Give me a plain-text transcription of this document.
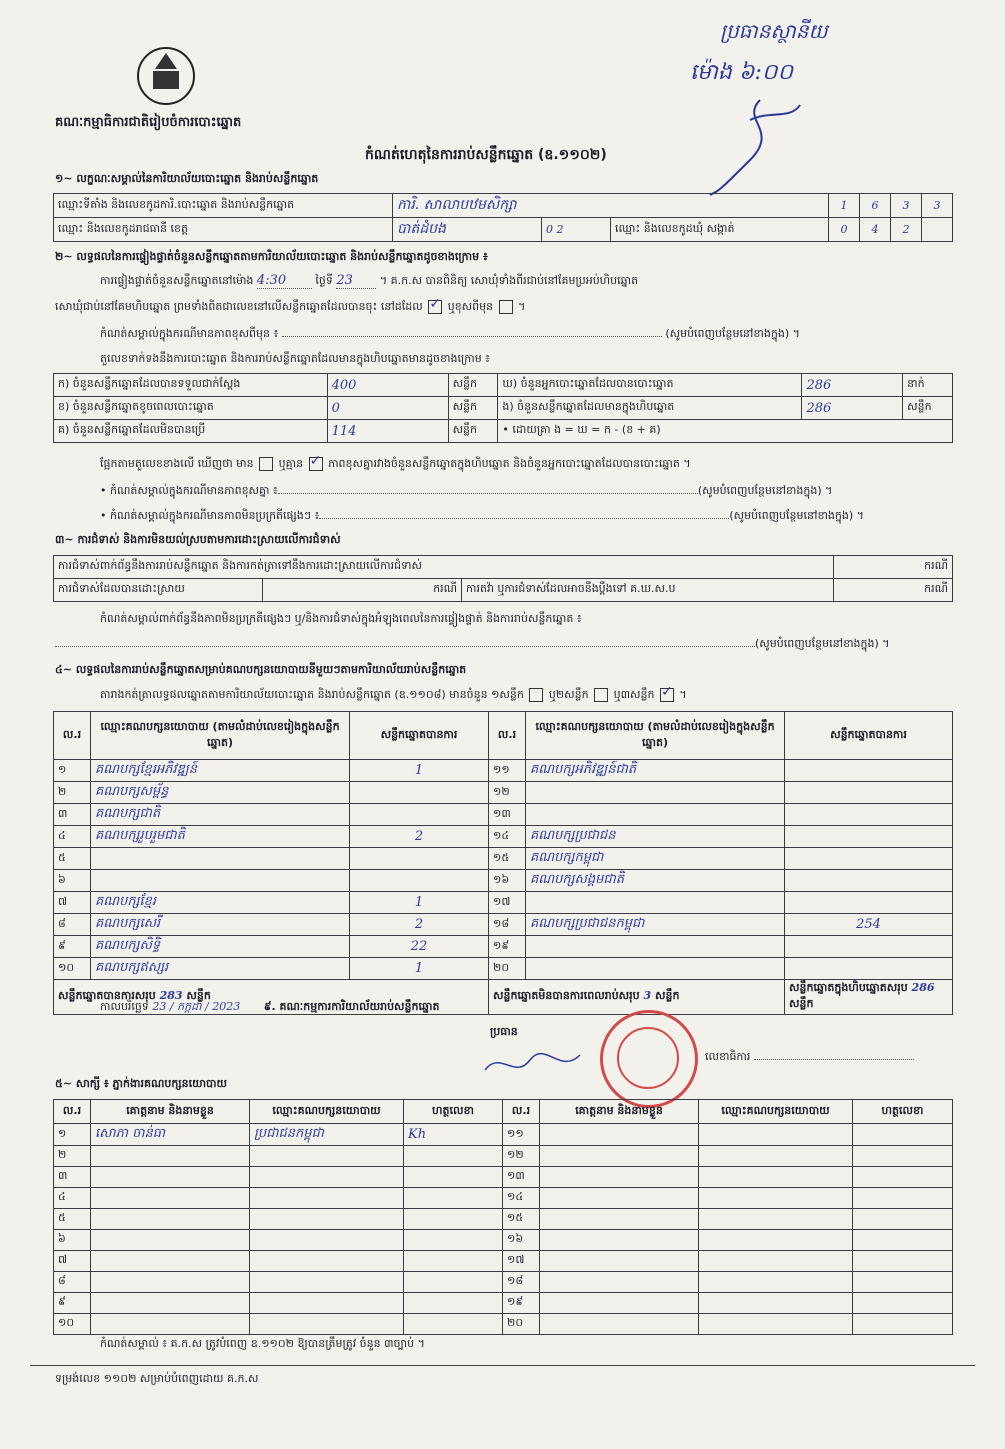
ប្រធានស្ថានីយ
ម៉ោង ៦:០០
គណៈកម្មាធិការជាតិរៀបចំការបោះឆ្នោត
កំណត់ហេតុនៃការរាប់សន្លឹកឆ្នោត (ឧ.១១០២)
១~ លក្ខណៈសម្គាល់នៃការិយាល័យបោះឆ្នោត និងរាប់សន្លឹកឆ្នោត
ឈ្មោះទីតាំង និងលេខកូដការិ.បោះឆ្នោត និងរាប់សន្លឹកឆ្នោត	ការិ. សាលាបឋមសិក្សា			1	6	3	3
ឈ្មោះ និងលេខកូដរាជធានី ខេត្ត	បាត់ដំបង	0 2	ឈ្មោះ និងលេខកូដឃុំ សង្កាត់	0	4	2	
២~ លទ្ធផលនៃការផ្ទៀងផ្ទាត់ចំនួនសន្លឹកឆ្នោតតាមការិយាល័យបោះឆ្នោត និងរាប់សន្លឹកឆ្នោតដូចខាងក្រោម ៖
ការផ្ទៀងផ្ទាត់ចំនួនសន្លឹកឆ្នោតនៅម៉ោង 4:30	ថ្ងៃទី 23 ។ គ.ក.ស បានពិនិត្យ សោឃុំទាំងពីរជាប់នៅគែមប្រអប់ហិបឆ្នោត
សោឃុំជាប់នៅគែមហិបឆ្នោត ព្រមទាំងពិតជាលេខនៅលើសន្លឹកឆ្នោតដែលបានចុះ នៅដដែល ✓ ឬខុសពីមុន  ។
កំណត់សម្គាល់ក្នុងករណីមានភាពខុសពីមុន ៖	(សូមបំពេញបន្ថែមនៅខាងក្នុង) ។
តួលេខទាក់ទងនឹងការបោះឆ្នោត និងការរាប់សន្លឹកឆ្នោតដែលមានក្នុងហិបឆ្នោតមានដូចខាងក្រោម ៖
ក) ចំនួនសន្លឹកឆ្នោតដែលបានទទួលជាក់ស្តែង	400	សន្លឹក	ឃ) ចំនួនអ្នកបោះឆ្នោតដែលបានបោះឆ្នោត	286	នាក់
ខ) ចំនួនសន្លឹកឆ្នោតខូចពេលបោះឆ្នោត	0	សន្លឹក	ង) ចំនួនសន្លឹកឆ្នោតដែលមានក្នុងហិបឆ្នោត	286	សន្លឹក
គ) ចំនួនសន្លឹកឆ្នោតដែលមិនបានប្រើ	114	សន្លឹក	• ដោយគ្រា ង = ឃ = ក - (ខ + គ)		
ផ្អែកតាមតួលេខខាងលើ ឃើញថា មាន  ឬគ្មាន ✓ ភាពខុសគ្នារវាងចំនួនសន្លឹកឆ្នោតក្នុងហិបឆ្នោត និងចំនួនអ្នកបោះឆ្នោតដែលបានបោះឆ្នោត ។
• កំណត់សម្គាល់ក្នុងករណីមានភាពខុសគ្នា ៖	(សូមបំពេញបន្ថែមនៅខាងក្នុង) ។
• កំណត់សម្គាល់ក្នុងករណីមានភាពមិនប្រក្រតីផ្សេងៗ ៖	(សូមបំពេញបន្ថែមនៅខាងក្នុង) ។
៣~ ការជំទាស់ និងការមិនយល់ស្របតាមការដោះស្រាយលើការជំទាស់
ការជំទាស់ពាក់ព័ន្ធនឹងការរាប់សន្លឹកឆ្នោត និងការកត់ត្រាទៅនឹងការដោះស្រាយលើការជំទាស់			ករណី
ការជំទាស់ដែលបានដោះស្រាយ	ករណី	ការតវ៉ា ឬការជំទាស់ដែលអាចនឹងប្តឹងទៅ គ.ឃ.ស.ប	ករណី
កំណត់សម្គាល់ពាក់ព័ន្ធនឹងភាពមិនប្រក្រតីផ្សេងៗ ឬ/និងការជំទាស់ក្នុងអំឡុងពេលនៃការផ្ទៀងផ្ទាត់ និងការរាប់សន្លឹកឆ្នោត ៖
(សូមបំពេញបន្ថែមនៅខាងក្នុង) ។
៤~ លទ្ធផលនៃការរាប់សន្លឹកឆ្នោតសម្រាប់គណបក្សនយោបាយនីមួយៗតាមការិយាល័យរាប់សន្លឹកឆ្នោត
តារាងកត់ត្រាលទ្ធផលឆ្នោតតាមការិយាល័យបោះឆ្នោត និងរាប់សន្លឹកឆ្នោត (ឧ.១១០៨) មានចំនួន ១សន្លឹក ឬ២សន្លឹក ឬ៣សន្លឹក ✓ ។
ល.រ	ឈ្មោះគណបក្សនយោបាយ (តាមលំដាប់លេខរៀងក្នុងសន្លឹកឆ្នោត)	សន្លឹកឆ្នោតបានការ	ល.រ	ឈ្មោះគណបក្សនយោបាយ (តាមលំដាប់លេខរៀងក្នុងសន្លឹកឆ្នោត)	សន្លឹកឆ្នោតបានការ
១	គណបក្សខ្មែរអភិវឌ្ឍន៍	1	១១	គណបក្សអភិវឌ្ឍន៍ជាតិ	
២	គណបក្សសម្ព័ន្ធ		១២		
៣	គណបក្សជាតិ		១៣		
៤	គណបក្សរួបរួមជាតិ	2	១៤	គណបក្សប្រជាជន	
៥			១៥	គណបក្សកម្ពុជា	
៦			១៦	គណបក្សសង្គមជាតិ	
៧	គណបក្សខ្មែរ	1	១៧		
៨	គណបក្សសេរី	2	១៨	គណបក្សប្រជាជនកម្ពុជា	254
៩	គណបក្សសិទ្ធិ	22	១៩		
១០	គណបក្សឥស្សរ	1	២០		
សន្លឹកឆ្នោតបានការសរុប 283 សន្លឹក			សន្លឹកឆ្នោតមិនបានការពេលរាប់សរុប 3 សន្លឹក		សន្លឹកឆ្នោតក្នុងហិបឆ្នោតសរុប 286 សន្លឹក
កាលបរិច្ឆេទ 23 / កក្កដា / 2023 ៩. គណៈកម្មការការិយាល័យរាប់សន្លឹកឆ្នោត
ប្រធាន
លេខាធិការ
៥~ សាក្សី ៖ ភ្នាក់ងារគណបក្សនយោបាយ
ល.រ	គោត្តនាម និងនាមខ្លួន	ឈ្មោះគណបក្សនយោបាយ	ហត្ថលេខា	ល.រ	គោត្តនាម និងនាមខ្លួន	ឈ្មោះគណបក្សនយោបាយ	ហត្ថលេខា
១	សោភា ចាន់ធា	ប្រជាជនកម្ពុជា	Kh	១១			
២				១២			
៣				១៣			
៤				១៤			
៥				១៥			
៦				១៦			
៧				១៧			
៨				១៨			
៩				១៩			
១០				២០			
កំណត់សម្គាល់ ៖ គ.ក.ស ត្រូវបំពេញ ឧ.១១០២ ឱ្យបានត្រឹមត្រូវ ចំនួន ៣ច្បាប់ ។
ទម្រង់លេខ ១១០២ សម្រាប់បំពេញដោយ គ.ក.ស
